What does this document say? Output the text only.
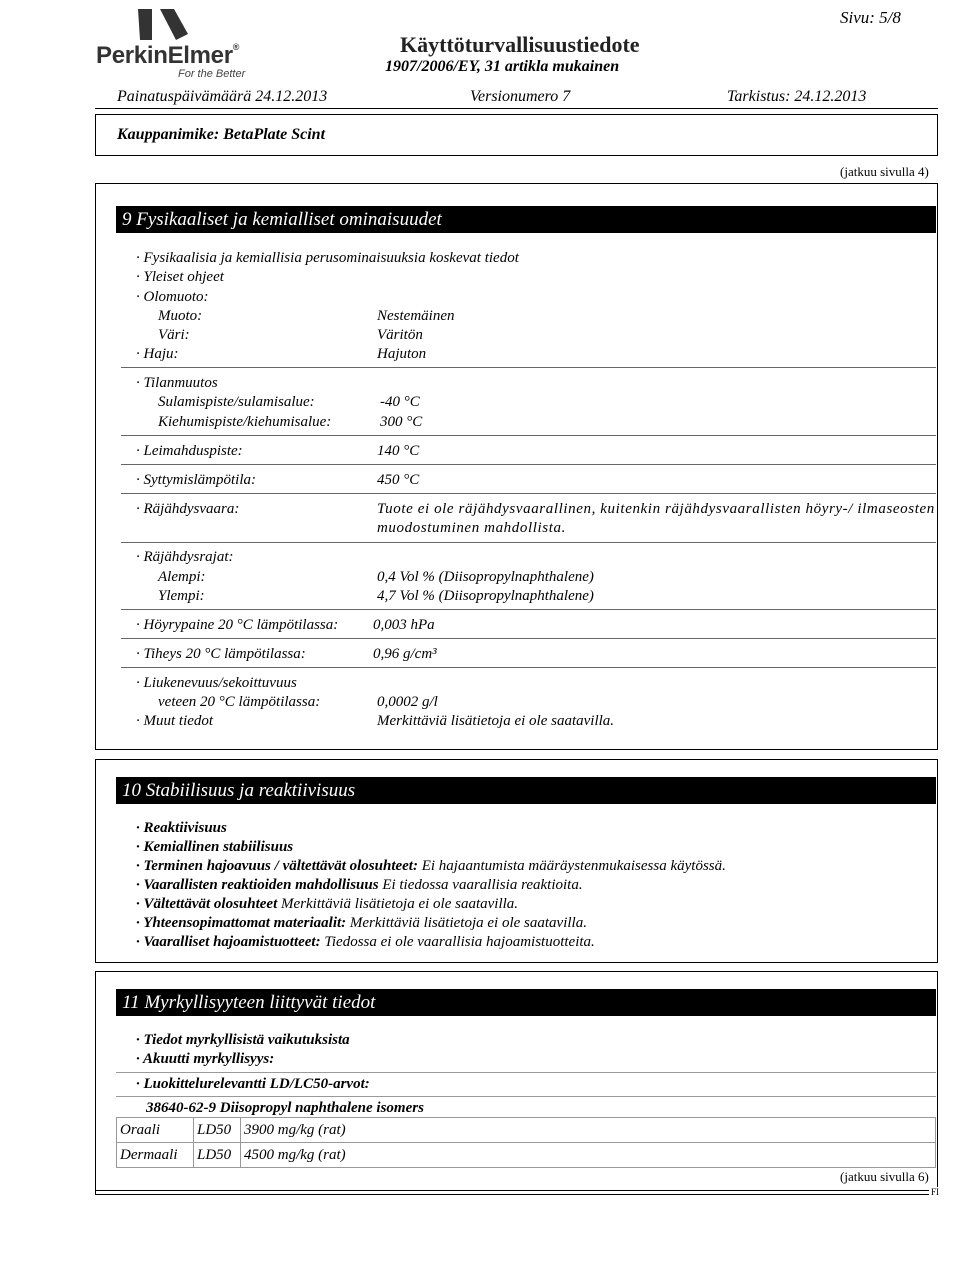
PerkinElmer®
For the Better
Käyttöturvallisuustiedote
1907/2006/EY, 31 artikla mukainen
Sivu: 5/8
Painatuspäivämäärä 24.12.2013	Versionumero 7	Tarkistus: 24.12.2013
Kauppanimike: BetaPlate Scint
(jatkuu sivulla 4)
9 Fysikaaliset ja kemialliset ominaisuudet
· Fysikaalisia ja kemiallisia perusominaisuuksia koskevat tiedot
· Yleiset ohjeet
· Olomuoto:
Muoto:	Nestemäinen
Väri:	Väritön
· Haju:	Hajuton
· Tilanmuutos
Sulamispiste/sulamisalue:	-40 °C
Kiehumispiste/kiehumisalue:	300 °C
· Leimahduspiste:	140 °C
· Syttymislämpötila:	450 °C
· Räjähdysvaara:	Tuote ei ole räjähdysvaarallinen, kuitenkin räjähdysvaarallisten höyry-/ ilmaseosten muodostuminen mahdollista.
· Räjähdysrajat:
Alempi:	0,4 Vol % (Diisopropylnaphthalene)
Ylempi:	4,7 Vol % (Diisopropylnaphthalene)
· Höyrypaine 20 °C lämpötilassa: 0,003 hPa
· Tiheys 20 °C lämpötilassa:	0,96 g/cm³
· Liukenevuus/sekoittuvuus
veteen 20 °C lämpötilassa:	0,0002 g/l
· Muut tiedot	Merkittäviä lisätietoja ei ole saatavilla.
10 Stabiilisuus ja reaktiivisuus
· Reaktiivisuus
· Kemiallinen stabiilisuus
· Terminen hajoavuus / vältettävät olosuhteet: Ei hajaantumista määräystenmukaisessa käytössä.
· Vaarallisten reaktioiden mahdollisuus Ei tiedossa vaarallisia reaktioita.
· Vältettävät olosuhteet Merkittäviä lisätietoja ei ole saatavilla.
· Yhteensopimattomat materiaalit: Merkittäviä lisätietoja ei ole saatavilla.
· Vaaralliset hajoamistuotteet: Tiedossa ei ole vaarallisia hajoamistuotteita.
11 Myrkyllisyyteen liittyvät tiedot
· Tiedot myrkyllisistä vaikutuksista
· Akuutti myrkyllisyys:
· Luokittelurelevantti LD/LC50-arvot:
38640-62-9 Diisopropyl naphthalene isomers
Oraali	LD50	3900 mg/kg (rat)
Dermaali	LD50	4500 mg/kg (rat)
(jatkuu sivulla 6)
FI
